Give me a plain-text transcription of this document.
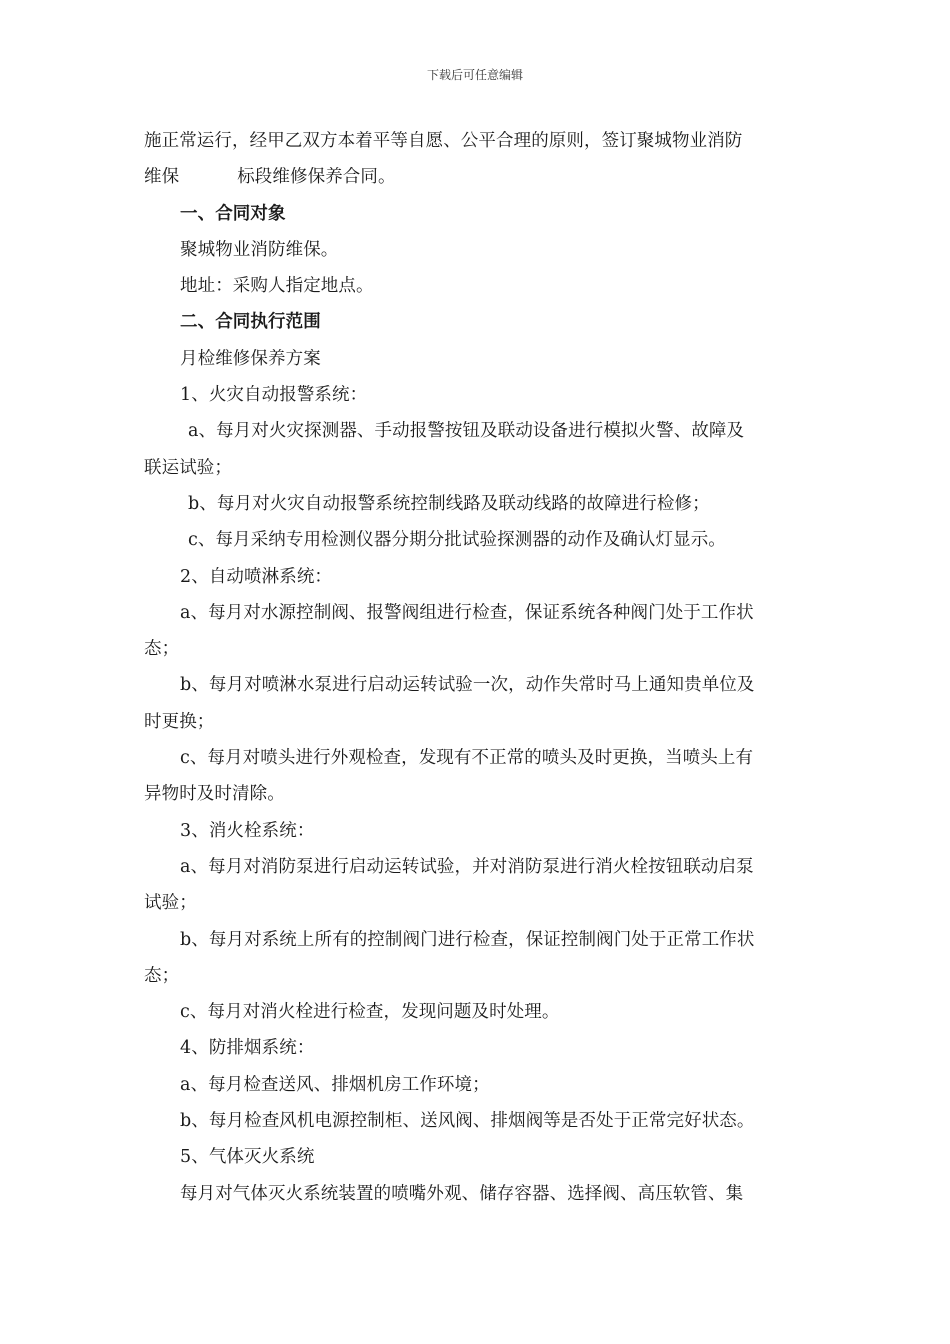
下载后可任意编辑
施正常运行，经甲乙双方本着平等自愿、公平合理的原则，签订聚城物业消防
维保	标段维修保养合同。
一、合同对象
聚城物业消防维保。
地址：采购人指定地点。
二、合同执行范围
月检维修保养方案
1、火灾自动报警系统：
a、每月对火灾探测器、手动报警按钮及联动设备进行模拟火警、故障及
联运试验；
b、每月对火灾自动报警系统控制线路及联动线路的故障进行检修；
c、每月采纳专用检测仪器分期分批试验探测器的动作及确认灯显示。
2、自动喷淋系统：
a、每月对水源控制阀、报警阀组进行检查，保证系统各种阀门处于工作状
态；
b、每月对喷淋水泵进行启动运转试验一次，动作失常时马上通知贵单位及
时更换；
c、每月对喷头进行外观检查，发现有不正常的喷头及时更换，当喷头上有
异物时及时清除。
3、消火栓系统：
a、每月对消防泵进行启动运转试验，并对消防泵进行消火栓按钮联动启泵
试验；
b、每月对系统上所有的控制阀门进行检查，保证控制阀门处于正常工作状
态；
c、每月对消火栓进行检查，发现问题及时处理。
4、防排烟系统：
a、每月检查送风、排烟机房工作环境；
b、每月检查风机电源控制柜、送风阀、排烟阀等是否处于正常完好状态。
5、气体灭火系统
每月对气体灭火系统装置的喷嘴外观、储存容器、选择阀、高压软管、集
